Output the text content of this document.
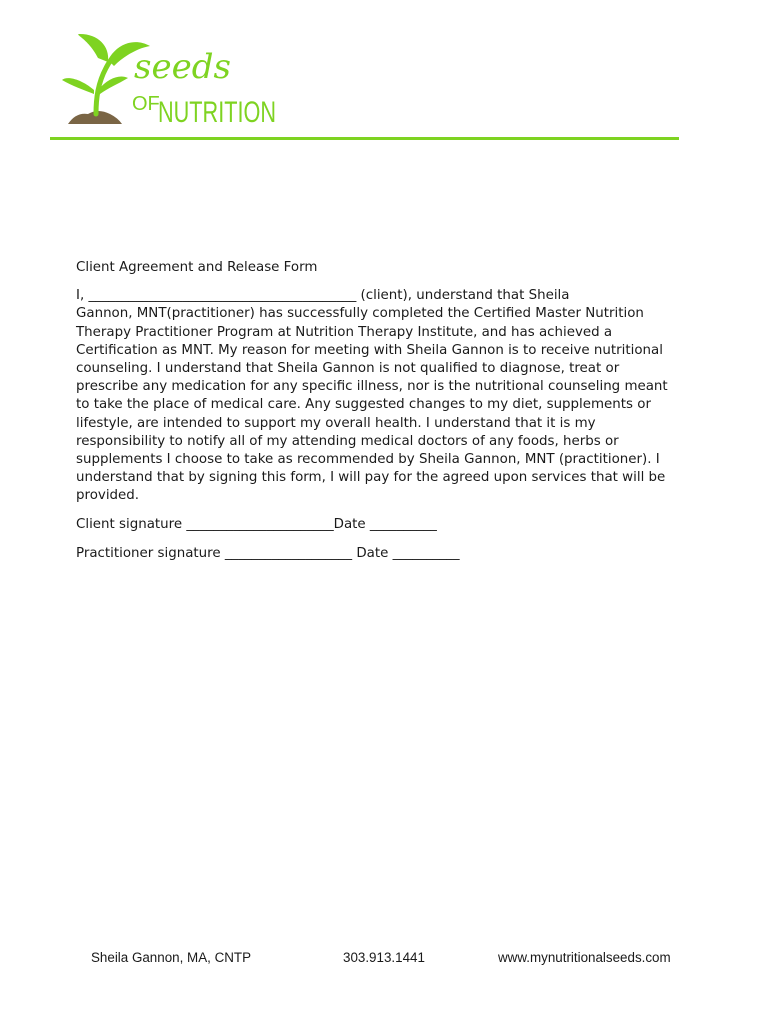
seeds
OF
NUTRITION
Client Agreement and Release Form
I, ________________________________________ (client), understand that Sheila
Gannon, MNT(practitioner) has successfully completed the Certified Master Nutrition
Therapy Practitioner Program at Nutrition Therapy Institute, and has achieved a
Certification as MNT. My reason for meeting with Sheila Gannon is to receive nutritional
counseling. I understand that Sheila Gannon is not qualified to diagnose, treat or
prescribe any medication for any specific illness, nor is the nutritional counseling meant
to take the place of medical care. Any suggested changes to my diet, supplements or
lifestyle, are intended to support my overall health. I understand that it is my
responsibility to notify all of my attending medical doctors of any foods, herbs or
supplements I choose to take as recommended by Sheila Gannon, MNT (practitioner). I
understand that by signing this form, I will pay for the agreed upon services that will be
provided.
Client signature ______________________Date __________
Practitioner signature ___________________ Date __________
Sheila Gannon, MA, CNTP	303.913.1441	www.mynutritionalseeds.com
